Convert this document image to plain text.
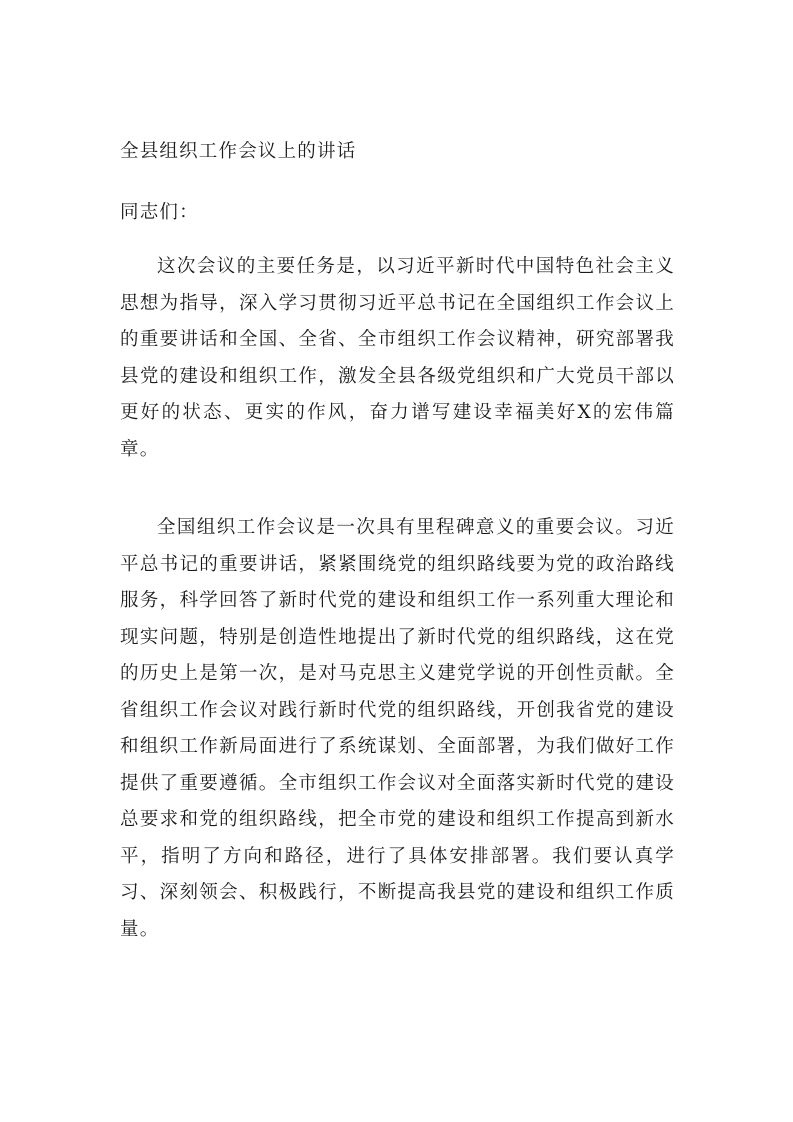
全县组织工作会议上的讲话

同志们：

这次会议的主要任务是，以习近平新时代中国特色社会主义思想为指导，深入学习贯彻习近平总书记在全国组织工作会议上的重要讲话和全国、全省、全市组织工作会议精神，研究部署我县党的建设和组织工作，激发全县各级党组织和广大党员干部以更好的状态、更实的作风，奋力谱写建设幸福美好X的宏伟篇章。

全国组织工作会议是一次具有里程碑意义的重要会议。习近平总书记的重要讲话，紧紧围绕党的组织路线要为党的政治路线服务，科学回答了新时代党的建设和组织工作一系列重大理论和现实问题，特别是创造性地提出了新时代党的组织路线，这在党的历史上是第一次，是对马克思主义建党学说的开创性贡献。全省组织工作会议对践行新时代党的组织路线，开创我省党的建设和组织工作新局面进行了系统谋划、全面部署，为我们做好工作提供了重要遵循。全市组织工作会议对全面落实新时代党的建设总要求和党的组织路线，把全市党的建设和组织工作提高到新水平，指明了方向和路径，进行了具体安排部署。我们要认真学习、深刻领会、积极践行，不断提高我县党的建设和组织工作质量。
